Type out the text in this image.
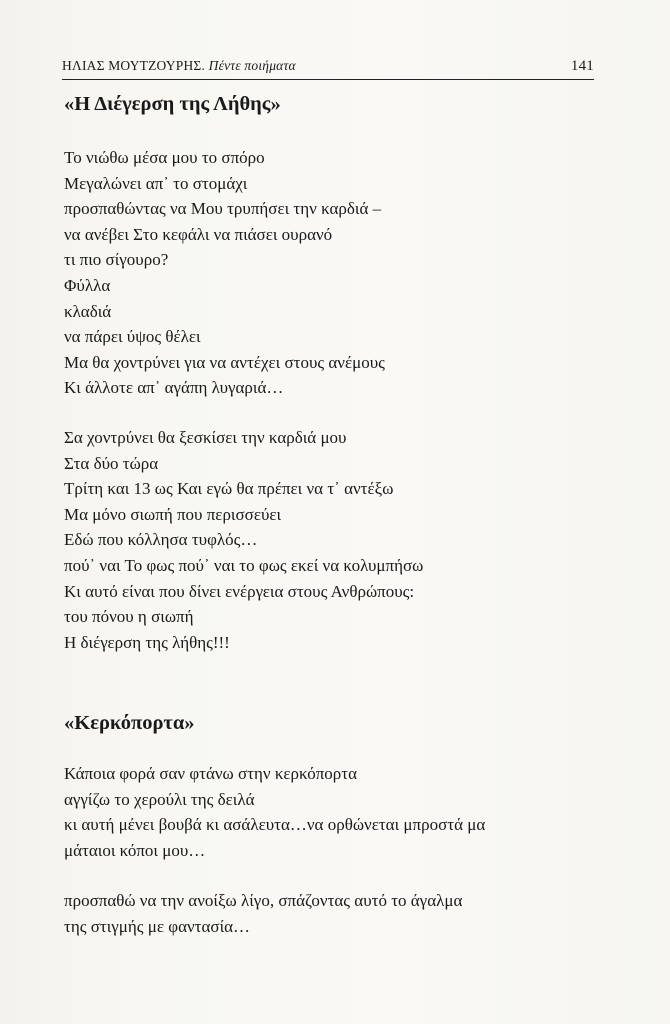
ΗΛΙΑΣ ΜΟΥΤΖΟΥΡΗΣ. Πέντε ποιήματα	141
«Η Διέγερση της Λήθης»
Το νιώθω μέσα μου το σπόρο
Μεγαλώνει απ᾽ το στομάχι
προσπαθώντας να Μου τρυπήσει την καρδιά –
να ανέβει Στο κεφάλι να πιάσει ουρανό
τι πιο σίγουρο?
Φύλλα
κλαδιά
να πάρει ύψος θέλει
Μα θα χοντρύνει για να αντέχει στους ανέμους
Κι άλλοτε απ᾽ αγάπη λυγαριά…
Σα χοντρύνει θα ξεσκίσει την καρδιά μου
Στα δύο τώρα
Τρίτη και 13 ως Και εγώ θα πρέπει να τ᾽ αντέξω
Μα μόνο σιωπή που περισσεύει
Εδώ που κόλλησα τυφλός…
πού᾽ ναι Το φως πού᾽ ναι το φως εκεί να κολυμπήσω
Κι αυτό είναι που δίνει ενέργεια στους Ανθρώπους:
του πόνου η σιωπή
Η διέγερση της λήθης!!!
«Κερκόπορτα»
Κάποια φορά σαν φτάνω στην κερκόπορτα
αγγίζω το χερούλι της δειλά
κι αυτή μένει βουβά κι ασάλευτα…να ορθώνεται μπροστά μα
μάταιοι κόποι μου…
προσπαθώ να την ανοίξω λίγο, σπάζοντας αυτό το άγαλμα
της στιγμής με φαντασία…
